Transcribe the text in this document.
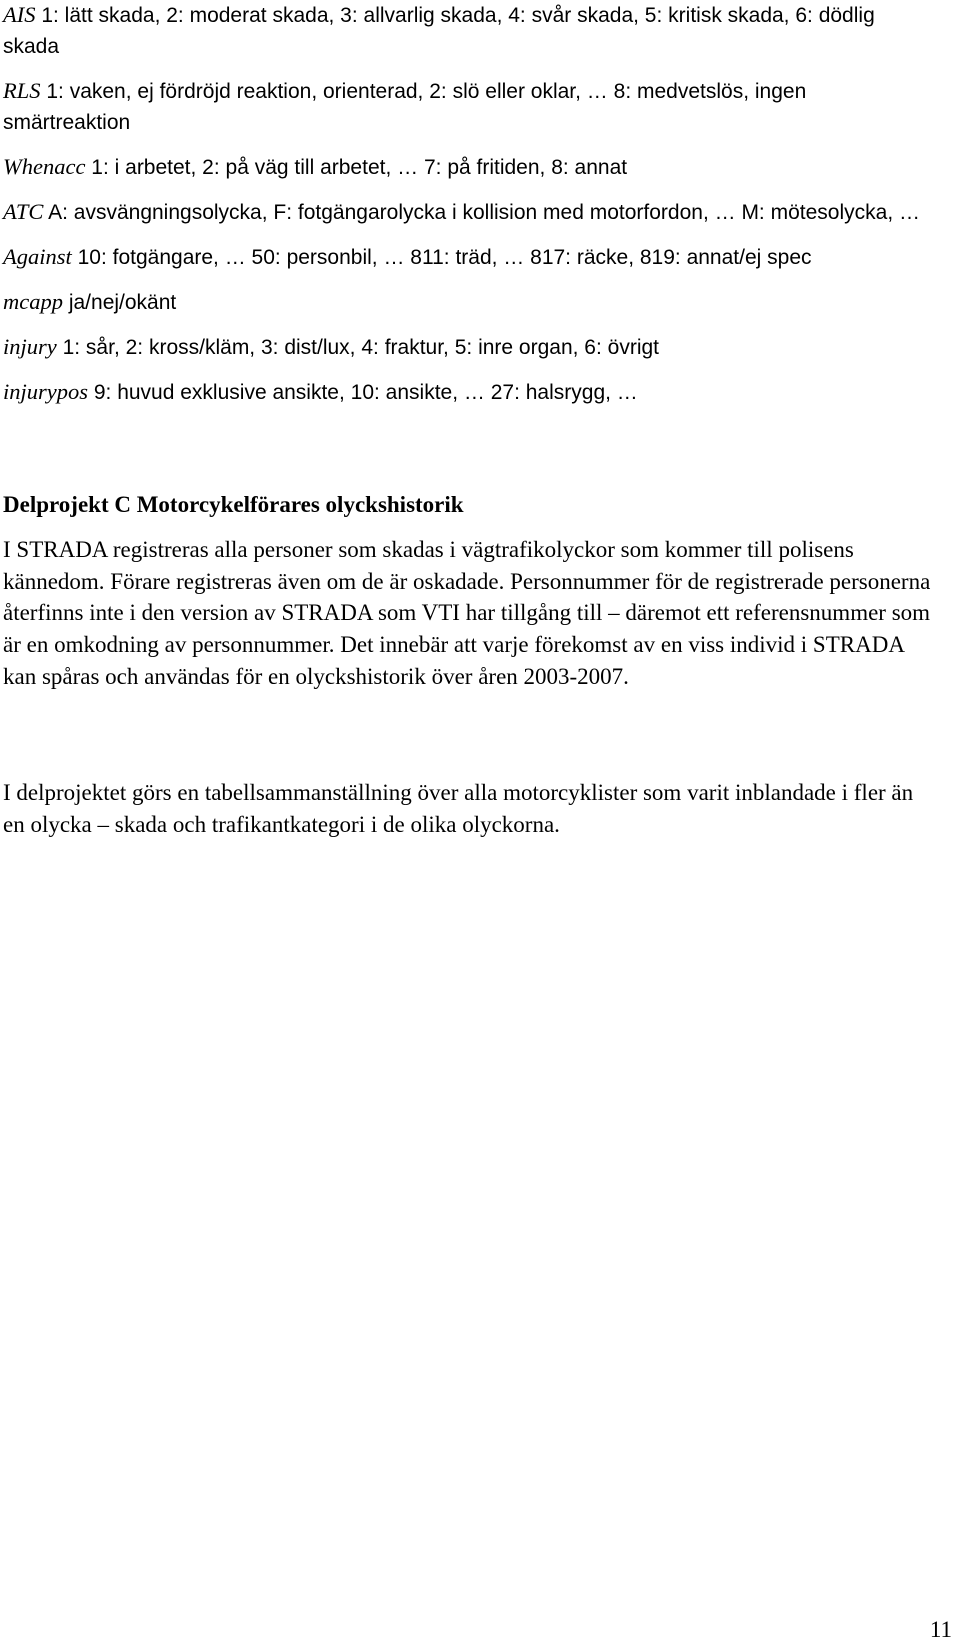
AIS 1: lätt skada, 2: moderat skada, 3: allvarlig skada, 4: svår skada, 5: kritisk skada, 6: dödlig skada

RLS 1: vaken, ej fördröjd reaktion, orienterad, 2: slö eller oklar, … 8: medvetslös, ingen smärtreaktion

Whenacc 1: i arbetet, 2: på väg till arbetet, … 7: på fritiden, 8: annat

ATC A: avsvängningsolycka, F: fotgängarolycka i kollision med motorfordon, … M: mötesolycka, …

Against 10: fotgängare, … 50: personbil, … 811: träd, … 817: räcke, 819: annat/ej spec

mcapp ja/nej/okänt

injury 1: sår, 2: kross/kläm, 3: dist/lux, 4: fraktur, 5: inre organ, 6: övrigt

injurypos 9: huvud exklusive ansikte, 10: ansikte, … 27: halsrygg, …

Delprojekt C Motorcykelförares olyckshistorik

I STRADA registreras alla personer som skadas i vägtrafikolyckor som kommer till polisens kännedom. Förare registreras även om de är oskadade. Personnummer för de registrerade personerna återfinns inte i den version av STRADA som VTI har tillgång till – däremot ett referensnummer som är en omkodning av personnummer. Det innebär att varje förekomst av en viss individ i STRADA kan spåras och användas för en olyckshistorik över åren 2003-2007.

I delprojektet görs en tabellsammanställning över alla motorcyklister som varit inblandade i fler än en olycka – skada och trafikantkategori i de olika olyckorna.

11
